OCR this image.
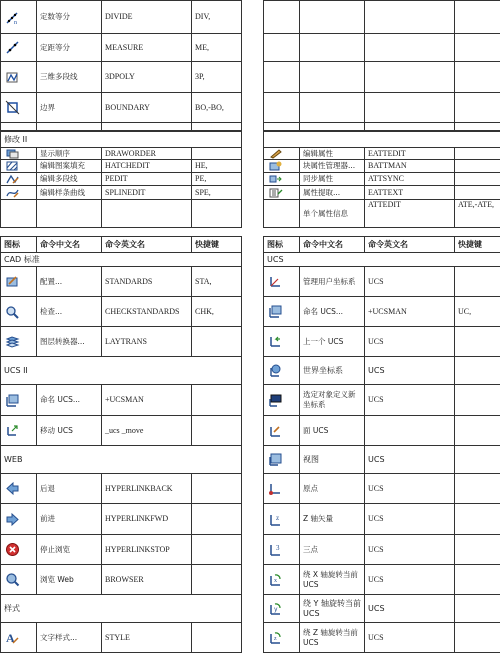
n	定数等分	DIVIDE	DIV,					
	定距等分	MEASURE	ME,					
	三维多段线	3DPOLY	3P,					
	边界	BOUNDARY	BO,-BO,					

修改 II								
	显示顺序	DRAWORDER				编辑属性	EATTEDIT	
	编辑图案填充	HATCHEDIT	HE,			块属性管理器...	BATTMAN	
	编辑多段线	PEDIT	PE,			同步属性	ATTSYNC	
	编辑样条曲线	SPLINEDIT	SPE,			属性提取...	EATTEXT	
						单个属性信息	ATTEDIT	ATE,-ATE,
图标	命令中文名	命令英文名	快捷键		图标	命令中文名	命令英文名	快捷键
CAD 标准					UCS			
	配置...	STANDARDS	STA,			管理用户坐标系	UCS	
	检查...	CHECKSTANDARDS	CHK,			命名 UCS...	+UCSMAN	UC,
	图层转换器...	LAYTRANS				上一个 UCS	UCS	
UCS II						世界坐标系	UCS	
	命名 UCS...	+UCSMAN				选定对象定义新坐标系	UCS	
	移动 UCS	_ucs _move				面 UCS		
WEB						视图	UCS	
	后退	HYPERLINKBACK				原点	UCS	
	前进	HYPERLINKFWD			z	Z 轴矢量	UCS	
	停止浏览	HYPERLINKSTOP			3	三点	UCS	
	浏览 Web	BROWSER			x	绕 X 轴旋转当前 UCS	UCS	
样式					y	绕 Y 轴旋转当前 UCS	UCS	

A	文字样式...	STYLE			z	绕 Z 轴旋转当前 UCS	UCS	
